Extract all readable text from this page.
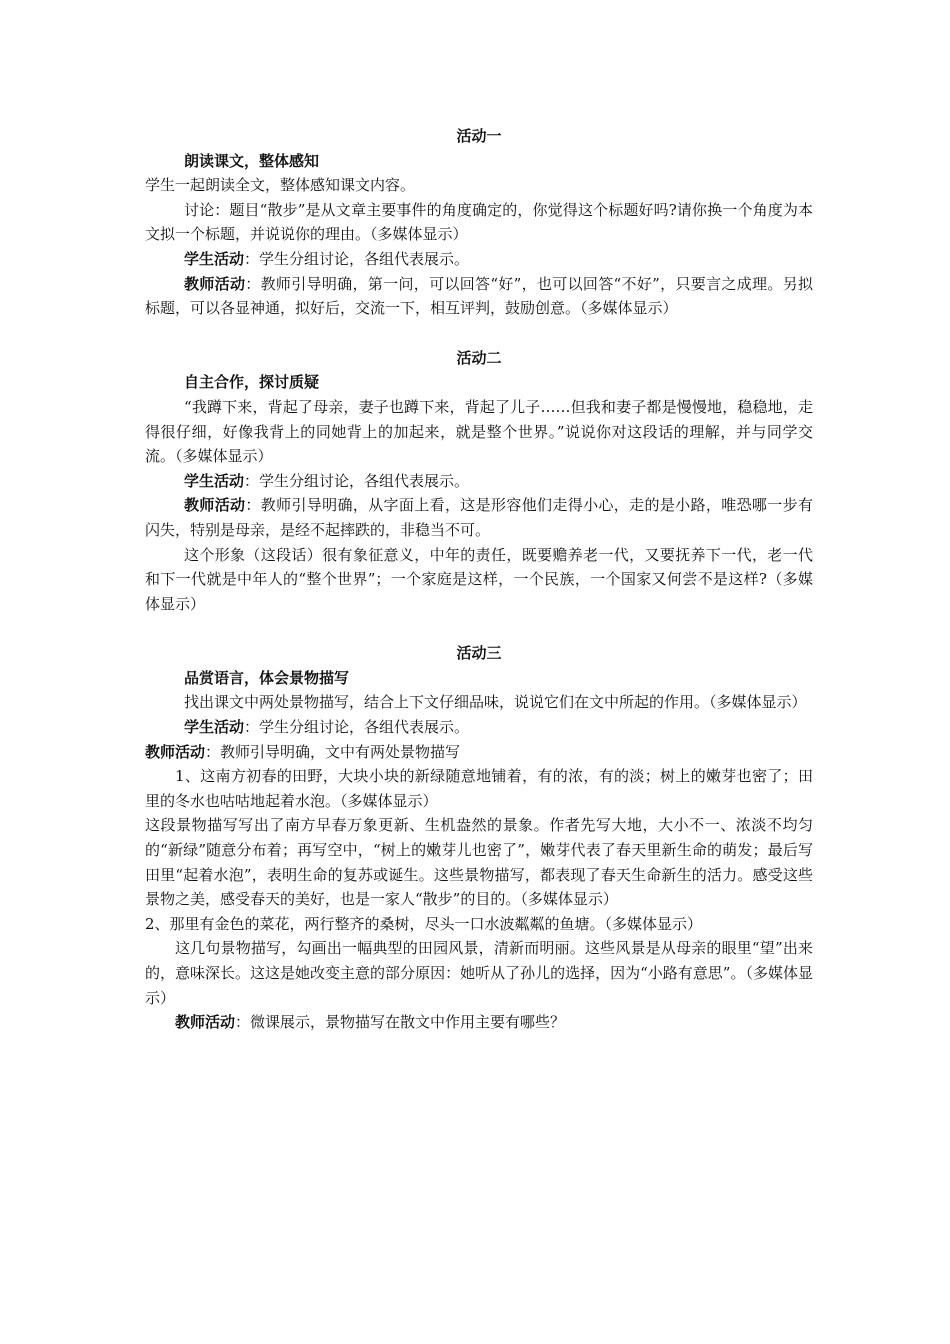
活动一

朗读课文，整体感知

学生一起朗读全文，整体感知课文内容。

讨论：题目“散步”是从文章主要事件的角度确定的，你觉得这个标题好吗?请你换一个角度为本文拟一个标题，并说说你的理由。（多媒体显示）

学生活动：学生分组讨论，各组代表展示。

教师活动：教师引导明确，第一问，可以回答“好”，也可以回答“不好”，只要言之成理。另拟标题，可以各显神通，拟好后，交流一下，相互评判，鼓励创意。（多媒体显示）

活动二

自主合作，探讨质疑

“我蹲下来，背起了母亲，妻子也蹲下来，背起了儿子……但我和妻子都是慢慢地，稳稳地，走得很仔细，好像我背上的同她背上的加起来，就是整个世界。”说说你对这段话的理解，并与同学交流。（多媒体显示）

学生活动：学生分组讨论，各组代表展示。

教师活动：教师引导明确，从字面上看，这是形容他们走得小心，走的是小路，唯恐哪一步有闪失，特别是母亲，是经不起摔跌的，非稳当不可。

这个形象（这段话）很有象征意义，中年的责任，既要赡养老一代，又要抚养下一代，老一代和下一代就是中年人的“整个世界”；一个家庭是这样，一个民族，一个国家又何尝不是这样?（多媒体显示）

活动三

品赏语言，体会景物描写

找出课文中两处景物描写，结合上下文仔细品味，说说它们在文中所起的作用。（多媒体显示）

学生活动：学生分组讨论，各组代表展示。

教师活动：教师引导明确，文中有两处景物描写

1、这南方初春的田野，大块小块的新绿随意地铺着，有的浓，有的淡；树上的嫩芽也密了；田里的冬水也咕咕地起着水泡。（多媒体显示）

这段景物描写写出了南方早春万象更新、生机盎然的景象。作者先写大地，大小不一、浓淡不均匀的“新绿”随意分布着；再写空中，“树上的嫩芽儿也密了”，嫩芽代表了春天里新生命的萌发；最后写田里“起着水泡”，表明生命的复苏或诞生。这些景物描写，都表现了春天生命新生的活力。感受这些景物之美，感受春天的美好，也是一家人“散步”的目的。（多媒体显示）

2、那里有金色的菜花，两行整齐的桑树，尽头一口水波粼粼的鱼塘。（多媒体显示）

这几句景物描写，勾画出一幅典型的田园风景，清新而明丽。这些风景是从母亲的眼里“望”出来的，意味深长。这这是她改变主意的部分原因：她听从了孙儿的选择，因为“小路有意思”。（多媒体显示）

教师活动：微课展示，景物描写在散文中作用主要有哪些？
